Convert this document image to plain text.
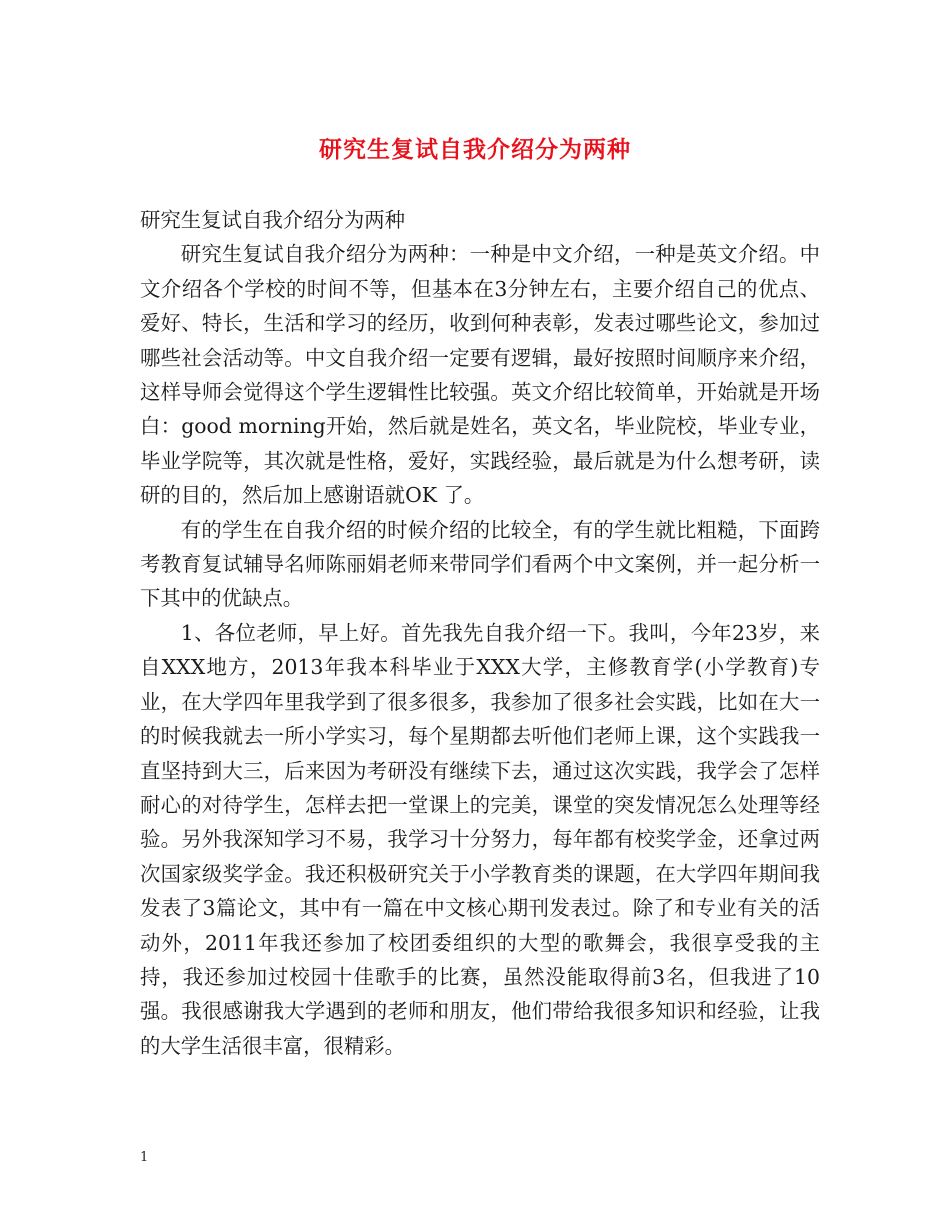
研究生复试自我介绍分为两种

研究生复试自我介绍分为两种

研究生复试自我介绍分为两种：一种是中文介绍，一种是英文介绍。中文介绍各个学校的时间不等，但基本在3分钟左右，主要介绍自己的优点、爱好、特长，生活和学习的经历，收到何种表彰，发表过哪些论文，参加过哪些社会活动等。中文自我介绍一定要有逻辑，最好按照时间顺序来介绍，这样导师会觉得这个学生逻辑性比较强。英文介绍比较简单，开始就是开场白：good morning开始，然后就是姓名，英文名，毕业院校，毕业专业，毕业学院等，其次就是性格，爱好，实践经验，最后就是为什么想考研，读研的目的，然后加上感谢语就OK 了。

有的学生在自我介绍的时候介绍的比较全，有的学生就比粗糙，下面跨考教育复试辅导名师陈丽娟老师来带同学们看两个中文案例，并一起分析一下其中的优缺点。

1、各位老师，早上好。首先我先自我介绍一下。我叫，今年23岁，来自XXX地方，2013年我本科毕业于XXX大学，主修教育学(小学教育)专业，在大学四年里我学到了很多很多，我参加了很多社会实践，比如在大一的时候我就去一所小学实习，每个星期都去听他们老师上课，这个实践我一直坚持到大三，后来因为考研没有继续下去，通过这次实践，我学会了怎样耐心的对待学生，怎样去把一堂课上的完美，课堂的突发情况怎么处理等经验。另外我深知学习不易，我学习十分努力，每年都有校奖学金，还拿过两次国家级奖学金。我还积极研究关于小学教育类的课题，在大学四年期间我发表了3篇论文，其中有一篇在中文核心期刊发表过。除了和专业有关的活动外，2011年我还参加了校团委组织的大型的歌舞会，我很享受我的主持，我还参加过校园十佳歌手的比赛，虽然没能取得前3名，但我进了10强。我很感谢我大学遇到的老师和朋友，他们带给我很多知识和经验，让我的大学生活很丰富，很精彩。

1
